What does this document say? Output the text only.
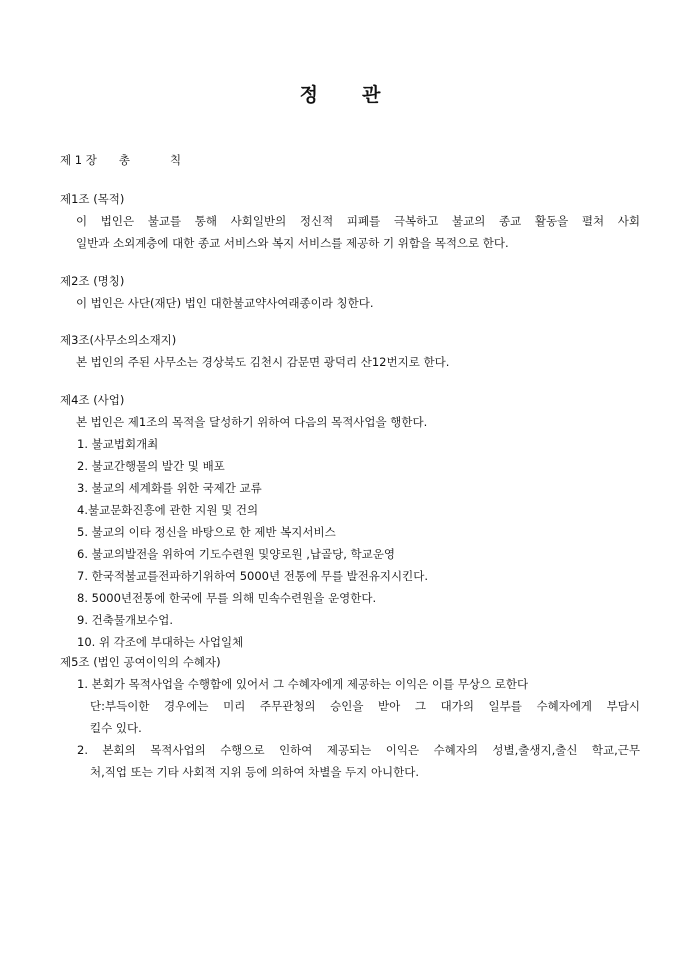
정 관
제 1 장 총	칙
제1조 (목적)
이 법인은 불교를 통해 사회일반의 정신적 피폐를 극복하고 불교의 종교 활동을 펼쳐 사회
일반과 소외계층에 대한 종교 서비스와 복지 서비스를 제공하 기 위함을 목적으로 한다.
제2조 (명칭)
이 법인은 사단(재단) 법인 대한불교약사여래종이라 칭한다.
제3조(사무소의소재지)
본 법인의 주된 사무소는 경상북도 김천시 감문면 광덕리 산12번지로 한다.
제4조 (사업)
본 법인은 제1조의 목적을 달성하기 위하여 다음의 목적사업을 행한다.
1. 불교법회개최
2. 불교간행물의 발간 및 배포
3. 불교의 세계화를 위한 국제간 교류
4.불교문화진흥에 관한 지원 및 건의
5. 불교의 이타 정신을 바탕으로 한 제반 복지서비스
6. 불교의발전을 위하여 기도수련원 및양로원 ,납골당, 학교운영
7. 한국적불교를전파하기위하여 5000년 전통에 무를 발전유지시킨다.
8. 5000년전통에 한국에 무를 의해 민속수련원을 운영한다.
9. 건축물개보수업.
10. 위 각조에 부대하는 사업일체
제5조 (법인 공여이익의 수혜자)
1. 본회가 목적사업을 수행함에 있어서 그 수혜자에게 제공하는 이익은 이를 무상으 로한다
단:부득이한 경우에는 미리 주무관청의 승인을 받아 그 대가의 일부를 수혜자에게 부담시
킬수 있다.
2. 본회의 목적사업의 수행으로 인하여 제공되는 이익은 수혜자의 성별,출생지,출신 학교,근무
처,직업 또는 기타 사회적 지위 등에 의하여 차별을 두지 아니한다.
